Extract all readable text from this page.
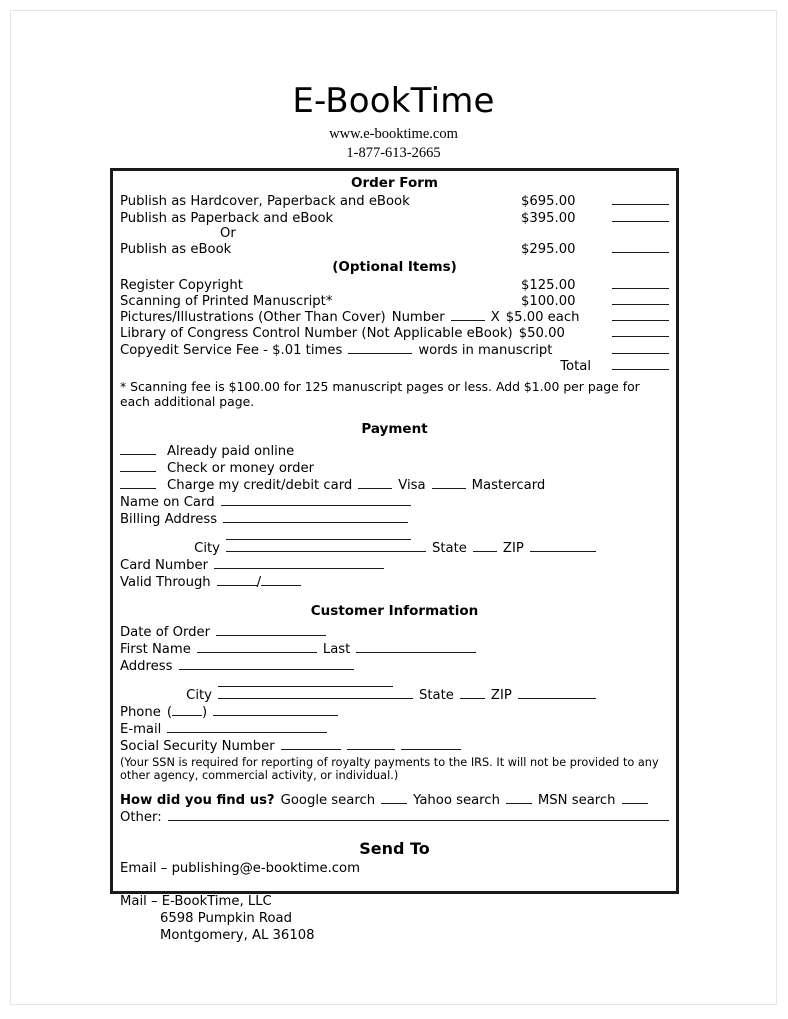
E-BookTime
www.e-booktime.com
1-877-613-2665
Order Form
Publish as Hardcover, Paperback and eBook	$695.00
Publish as Paperback and eBook	$395.00
Or
Publish as eBook	$295.00
(Optional Items)
Register Copyright	$125.00
Scanning of Printed Manuscript*	$100.00
Pictures/Illustrations (Other Than Cover) Number	X $5.00 each
Library of Congress Control Number (Not Applicable eBook) $50.00
Copyedit Service Fee - $.01 times	words in manuscript
Total
* Scanning fee is $100.00 for 125 manuscript pages or less. Add $1.00 per page for each additional page.
Payment
Already paid online
Check or money order
Charge my credit/debit card	Visa	Mastercard
Name on Card
Billing Address
City	State	ZIP
Card Number
Valid Through	/
Customer Information
Date of Order
First Name	Last
Address
City	State	ZIP
Phone ( )
E-mail
Social Security Number
(Your SSN is required for reporting of royalty payments to the IRS. It will not be provided to any other agency, commercial activity, or individual.)
How did you find us? Google search	Yahoo search	MSN search
Other:
Send To
Email – publishing@e-booktime.com
Mail – E-BookTime, LLC
6598 Pumpkin Road
Montgomery, AL 36108
